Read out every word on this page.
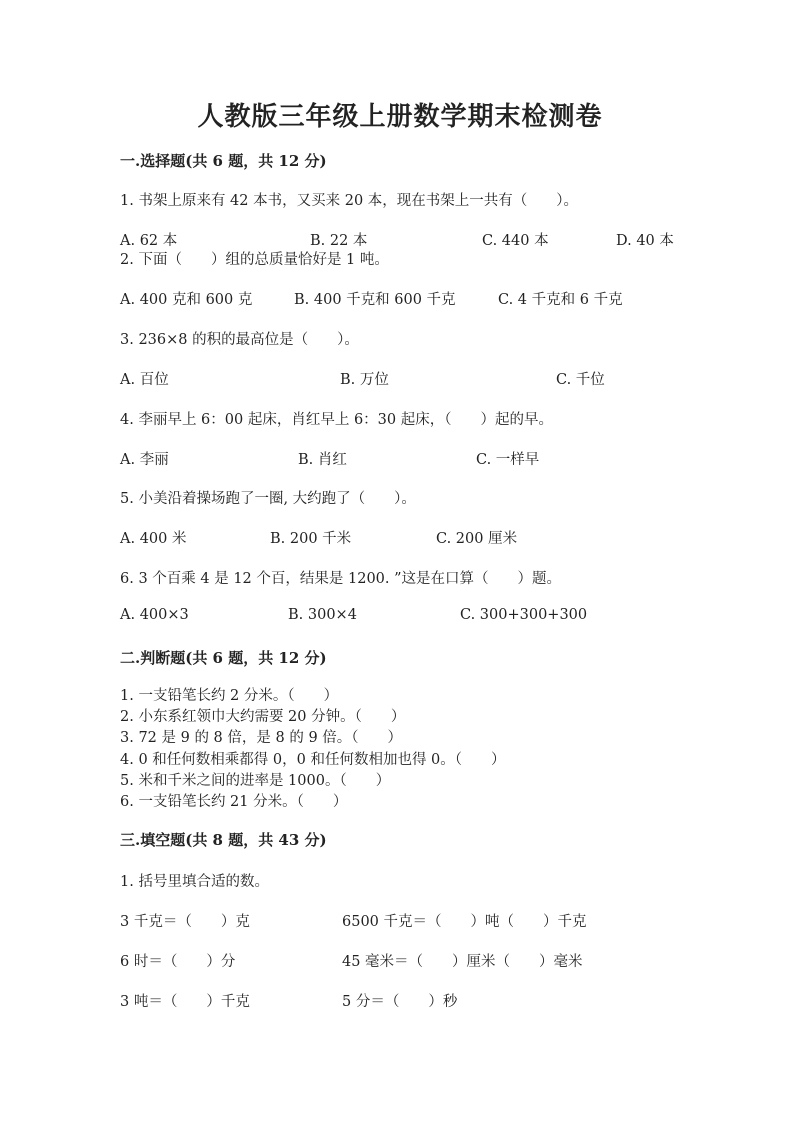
人教版三年级上册数学期末检测卷
一.选择题(共 6 题，共 12 分)
1. 书架上原来有 42 本书，又买来 20 本，现在书架上一共有（　　）。
A. 62 本	B. 22 本	C. 440 本	D. 40 本
2. 下面（　　）组的总质量恰好是 1 吨。
A. 400 克和 600 克	B. 400 千克和 600 千克	C. 4 千克和 6 千克
3. 236×8 的积的最高位是（　　）。
A. 百位	B. 万位	C. 千位
4. 李丽早上 6：00 起床，肖红早上 6：30 起床，（　　）起的早。
A. 李丽	B. 肖红	C. 一样早
5. 小美沿着操场跑了一圈, 大约跑了（　　）。
A. 400 米	B. 200 千米	C. 200 厘米
6. 3 个百乘 4 是 12 个百，结果是 1200. ”这是在口算（　　）题。
A. 400×3	B. 300×4	C. 300+300+300
二.判断题(共 6 题，共 12 分)
1. 一支铅笔长约 2 分米。（　　）
2. 小东系红领巾大约需要 20 分钟。（　　）
3. 72 是 9 的 8 倍，是 8 的 9 倍。（　　）
4. 0 和任何数相乘都得 0，0 和任何数相加也得 0。（　　）
5. 米和千米之间的进率是 1000。（　　）
6. 一支铅笔长约 21 分米。（　　）
三.填空题(共 8 题，共 43 分)
1. 括号里填合适的数。
3 千克＝（　　）克	6500 千克＝（　　）吨（　　）千克
6 时＝（　　）分	45 毫米＝（　　）厘米（　　）毫米
3 吨＝（　　）千克	5 分＝（　　）秒
